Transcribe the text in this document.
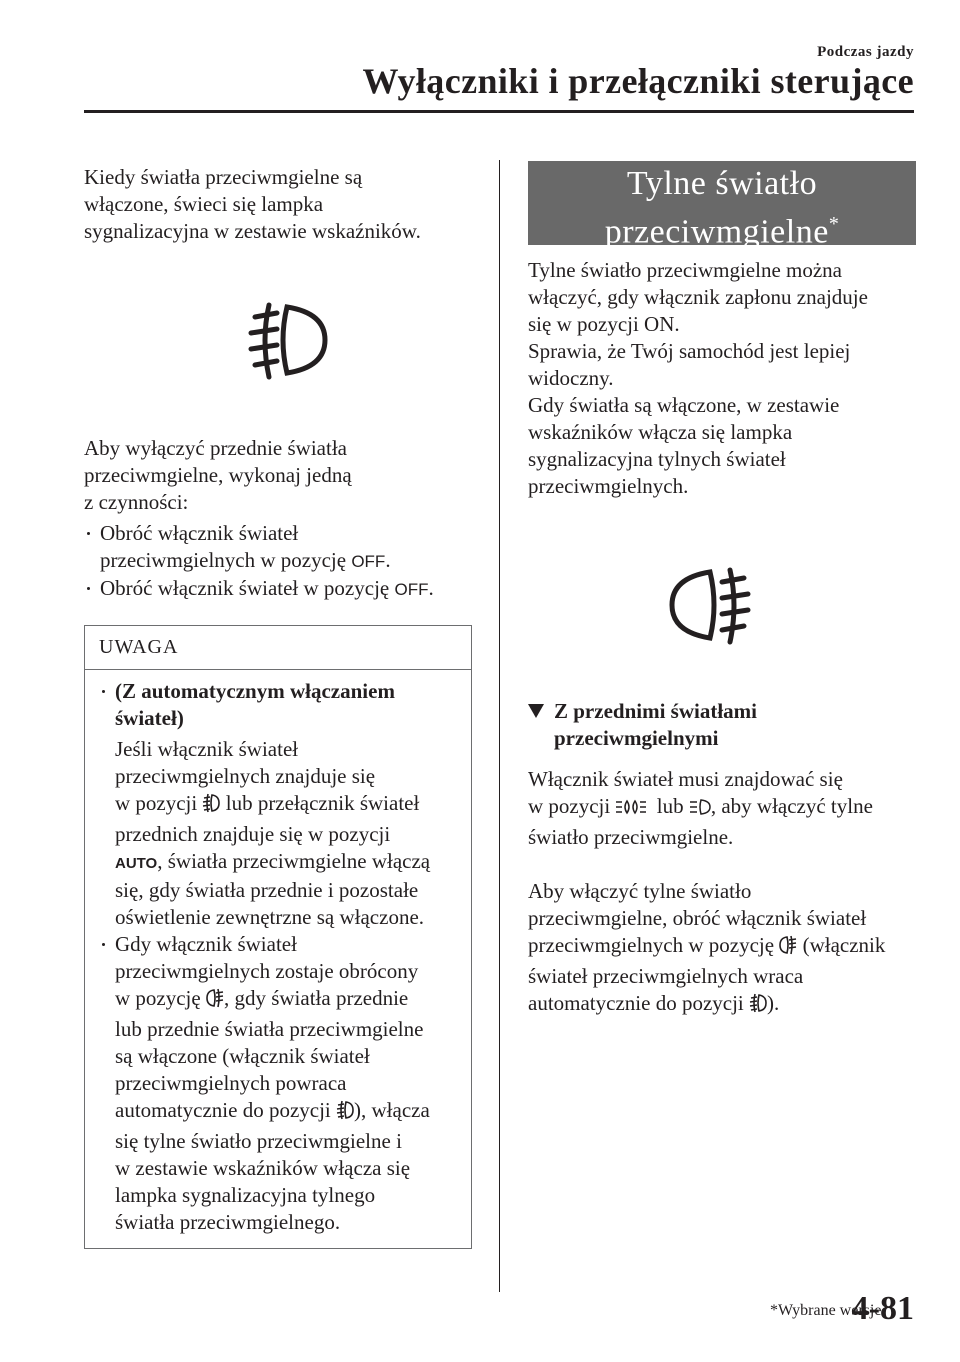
Podczas jazdy
Wyłączniki i przełączniki sterujące

Kiedy światła przeciwmgielne są

włączone, świeci się lampka

sygnalizacyjna w zestawie wskaźników.

Aby wyłączyć przednie światła

przeciwmgielne, wykonaj jedną

z czynności:

Obróć włącznik świateł

przeciwmgielnych w pozycję OFF.

Obróć włącznik świateł w pozycję OFF.

UWAGA

(Z automatycznym włączaniem

świateł)

Jeśli włącznik świateł

przeciwmgielnych znajduje się

w pozycji lub przełącznik świateł

przednich znajduje się w pozycji

AUTO, światła przeciwmgielne włączą

się, gdy światła przednie i pozostałe

oświetlenie zewnętrzne są włączone.

Gdy włącznik świateł

przeciwmgielnych zostaje obrócony

w pozycję , gdy światła przednie

lub przednie światła przeciwmgielne

są włączone (włącznik świateł

przeciwmgielnych powraca

automatycznie do pozycji ), włącza

się tylne światło przeciwmgielne i

w zestawie wskaźników włącza się

lampka sygnalizacyjna tylnego

światła przeciwmgielnego.

Tylne światło
przeciwmgielne*

Tylne światło przeciwmgielne można

włączyć, gdy włącznik zapłonu znajduje

się w pozycji ON.

Sprawia, że Twój samochód jest lepiej

widoczny.

Gdy światła są włączone, w zestawie

wskaźników włącza się lampka

sygnalizacyjna tylnych świateł

przeciwmgielnych.

Z przednimi światłami

przeciwmgielnymi

Włącznik świateł musi znajdować się

w pozycji lub , aby włączyć tylne

światło przeciwmgielne.

Aby włączyć tylne światło

przeciwmgielne, obróć włącznik świateł

przeciwmgielnych w pozycję (włącznik

świateł przeciwmgielnych wraca

automatycznie do pozycji ).

*Wybrane wersje.
4-81
